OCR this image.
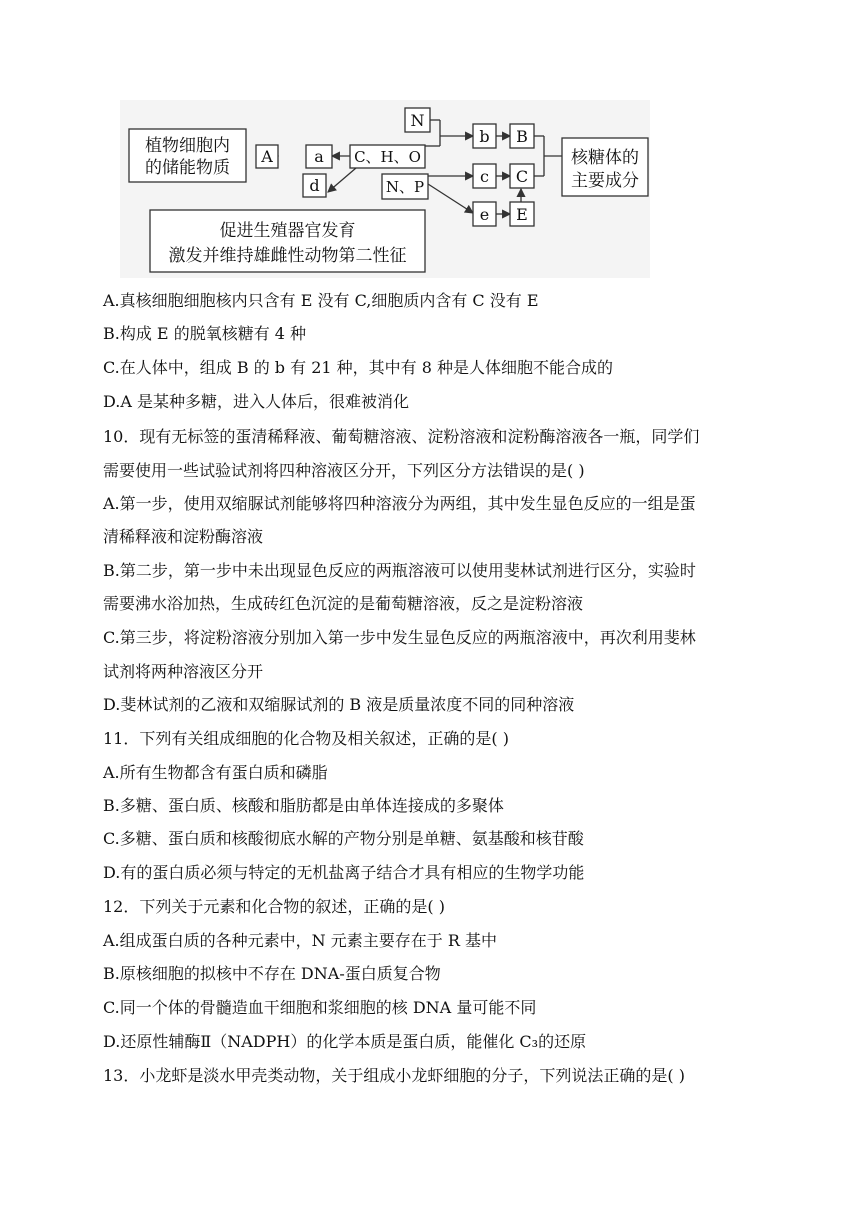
N
b B
植物细胞内
的储能物质
A	a C、H、O
c C
核糖体的
主要成分
d	N、P
e E
促进生殖器官发育
激发并维持雄雌性动物第二性征
A.真核细胞细胞核内只含有 E 没有 C,细胞质内含有 C 没有 E
B.构成 E 的脱氧核糖有 4 种
C.在人体中，组成 B 的 b 有 21 种，其中有 8 种是人体细胞不能合成的
D.A 是某种多糖，进入人体后，很难被消化
10．现有无标签的蛋清稀释液、葡萄糖溶液、淀粉溶液和淀粉酶溶液各一瓶，同学们
需要使用一些试验试剂将四种溶液区分开，下列区分方法错误的是( )
A.第一步，使用双缩脲试剂能够将四种溶液分为两组，其中发生显色反应的一组是蛋
清稀释液和淀粉酶溶液
B.第二步，第一步中未出现显色反应的两瓶溶液可以使用斐林试剂进行区分，实验时
需要沸水浴加热，生成砖红色沉淀的是葡萄糖溶液，反之是淀粉溶液
C.第三步，将淀粉溶液分别加入第一步中发生显色反应的两瓶溶液中，再次利用斐林
试剂将两种溶液区分开
D.斐林试剂的乙液和双缩脲试剂的 B 液是质量浓度不同的同种溶液
11．下列有关组成细胞的化合物及相关叙述，正确的是( )
A.所有生物都含有蛋白质和磷脂
B.多糖、蛋白质、核酸和脂肪都是由单体连接成的多聚体
C.多糖、蛋白质和核酸彻底水解的产物分别是单糖、氨基酸和核苷酸
D.有的蛋白质必须与特定的无机盐离子结合才具有相应的生物学功能
12．下列关于元素和化合物的叙述，正确的是( )
A.组成蛋白质的各种元素中，N 元素主要存在于 R 基中
B.原核细胞的拟核中不存在 DNA-蛋白质复合物
C.同一个体的骨髓造血干细胞和浆细胞的核 DNA 量可能不同
D.还原性辅酶Ⅱ（NADPH）的化学本质是蛋白质，能催化 C₃的还原
13．小龙虾是淡水甲壳类动物，关于组成小龙虾细胞的分子，下列说法正确的是( )
